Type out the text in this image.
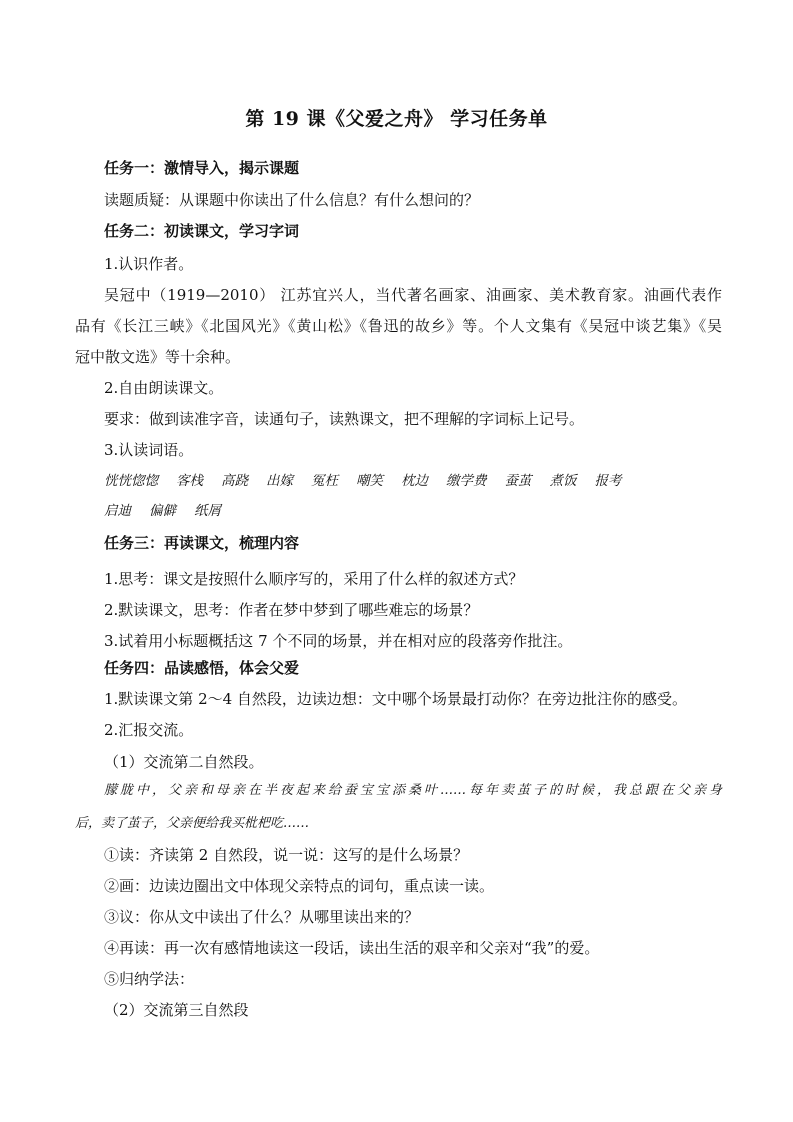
第 19 课《父爱之舟》 学习任务单
任务一：激情导入，揭示课题
读题质疑：从课题中你读出了什么信息？有什么想问的？
任务二：初读课文，学习字词
1.认识作者。
吴冠中（1919—2010） 江苏宜兴人，当代著名画家、油画家、美术教育家。油画代表作
品有《长江三峡》《北国风光》《黄山松》《鲁迅的故乡》等。个人文集有《吴冠中谈艺集》《吴
冠中散文选》等十余种。
2.自由朗读课文。
要求：做到读准字音，读通句子，读熟课文，把不理解的字词标上记号。
3.认读词语。
恍恍惚惚 客栈 高跷 出嫁 冤枉 嘲笑 枕边 缴学费 蚕茧 煮饭 报考
启迪 偏僻 纸屑
任务三：再读课文，梳理内容
1.思考：课文是按照什么顺序写的，采用了什么样的叙述方式？
2.默读课文，思考：作者在梦中梦到了哪些难忘的场景？
3.试着用小标题概括这 7 个不同的场景，并在相对应的段落旁作批注。
任务四：品读感悟，体会父爱
1.默读课文第 2～4 自然段，边读边想：文中哪个场景最打动你？在旁边批注你的感受。
2.汇报交流。
（1）交流第二自然段。
朦胧中，父亲和母亲在半夜起来给蚕宝宝添桑叶……每年卖茧子的时候，我总跟在父亲身
后，卖了茧子，父亲便给我买枇杷吃……
①读：齐读第 2 自然段，说一说：这写的是什么场景？
②画：边读边圈出文中体现父亲特点的词句，重点读一读。
③议：你从文中读出了什么？从哪里读出来的？
④再读：再一次有感情地读这一段话，读出生活的艰辛和父亲对“我”的爱。
⑤归纳学法：
（2）交流第三自然段
